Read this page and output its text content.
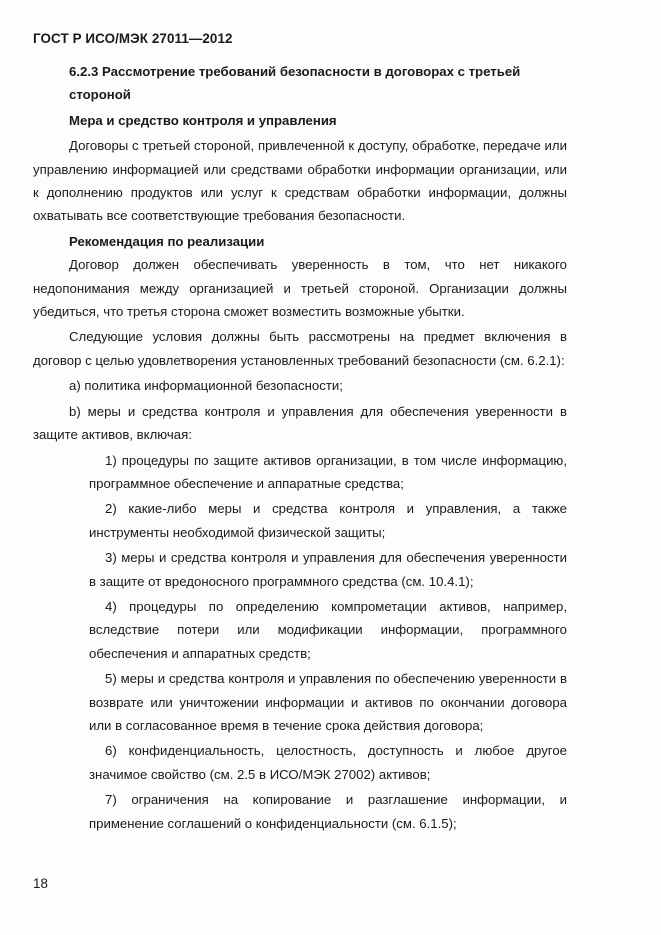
ГОСТ Р ИСО/МЭК 27011—2012

6.2.3 Рассмотрение требований безопасности в договорах с третьей

стороной

Мера и средство контроля и управления

Договоры с третьей стороной, привлеченной к доступу, обработке, передаче или управлению информацией или средствами обработки информации организации, или к дополнению продуктов или услуг к средствам обработки информации, должны охватывать все соответствующие требования безопасности.

Рекомендация по реализации

Договор должен обеспечивать уверенность в том, что нет никакого недопонимания между организацией и третьей стороной. Организации должны убедиться, что третья сторона сможет возместить возможные убытки.

Следующие условия должны быть рассмотрены на предмет включения в договор с целью удовлетворения установленных требований безопасности (см. 6.2.1):

а) политика информационной безопасности;

b) меры и средства контроля и управления для обеспечения уверенности в защите активов, включая:

1) процедуры по защите активов организации, в том числе информацию, программное обеспечение и аппаратные средства;

2) какие-либо меры и средства контроля и управления, а также инструменты необходимой физической защиты;

3) меры и средства контроля и управления для обеспечения уверенности в защите от вредоносного программного средства (см. 10.4.1);

4) процедуры по определению компрометации активов, например, вследствие потери или модификации информации, программного обеспечения и аппаратных средств;

5) меры и средства контроля и управления по обеспечению уверенности в возврате или уничтожении информации и активов по окончании договора или в согласованное время в течение срока действия договора;

6) конфиденциальность, целостность, доступность и любое другое значимое свойство (см. 2.5 в ИСО/МЭК 27002) активов;

7) ограничения на копирование и разглашение информации, и применение соглашений о конфиденциальности (см. 6.1.5);

18
